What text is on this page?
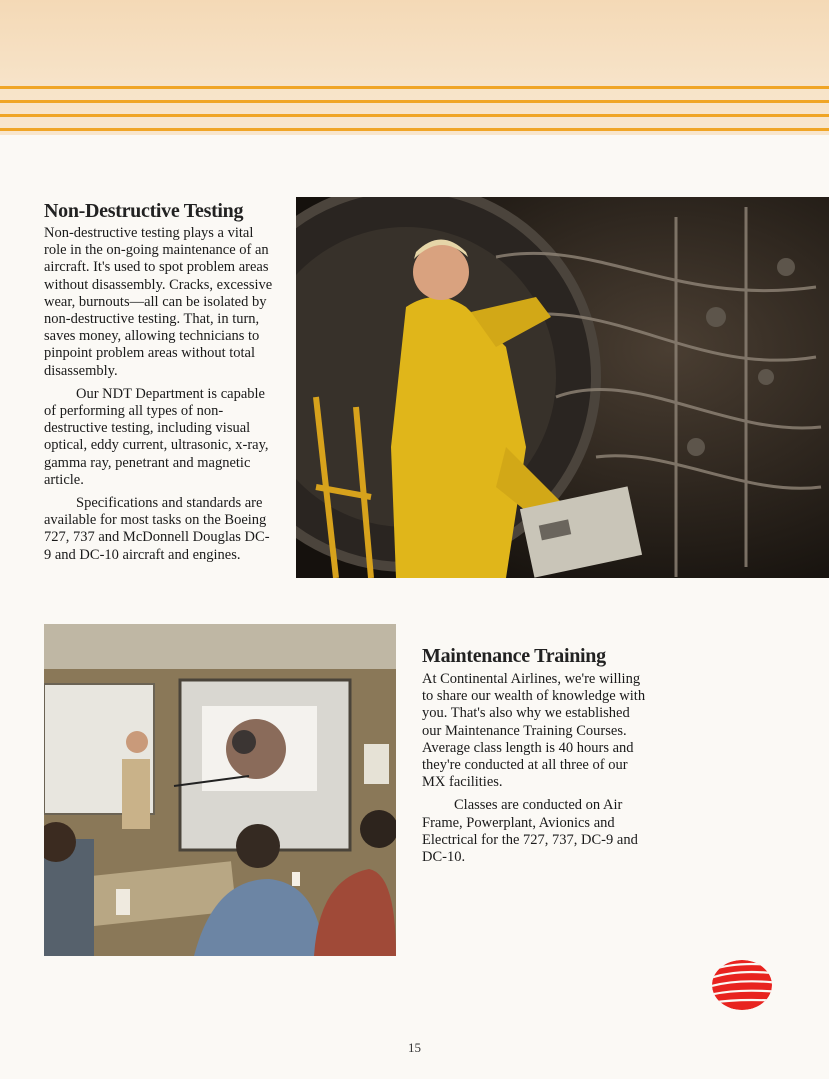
Non-Destructive Testing

Non-destructive testing plays a vital role in the on-going maintenance of an aircraft. It's used to spot problem areas without disassembly. Cracks, excessive wear, burnouts—all can be isolated by non-destructive testing. That, in turn, saves money, allowing technicians to pinpoint problem areas without total disassembly.

Our NDT Department is capable of performing all types of non-destructive testing, including visual optical, eddy current, ultrasonic, x-ray, gamma ray, penetrant and magnetic article.

Specifications and standards are available for most tasks on the Boeing 727, 737 and McDonnell Douglas DC-9 and DC-10 aircraft and engines.

Maintenance Training

At Continental Airlines, we're willing to share our wealth of knowledge with you. That's also why we established our Maintenance Training Courses. Average class length is 40 hours and they're conducted at all three of our MX facilities.

Classes are conducted on Air Frame, Powerplant, Avionics and Electrical for the 727, 737, DC-9 and DC-10.

15
